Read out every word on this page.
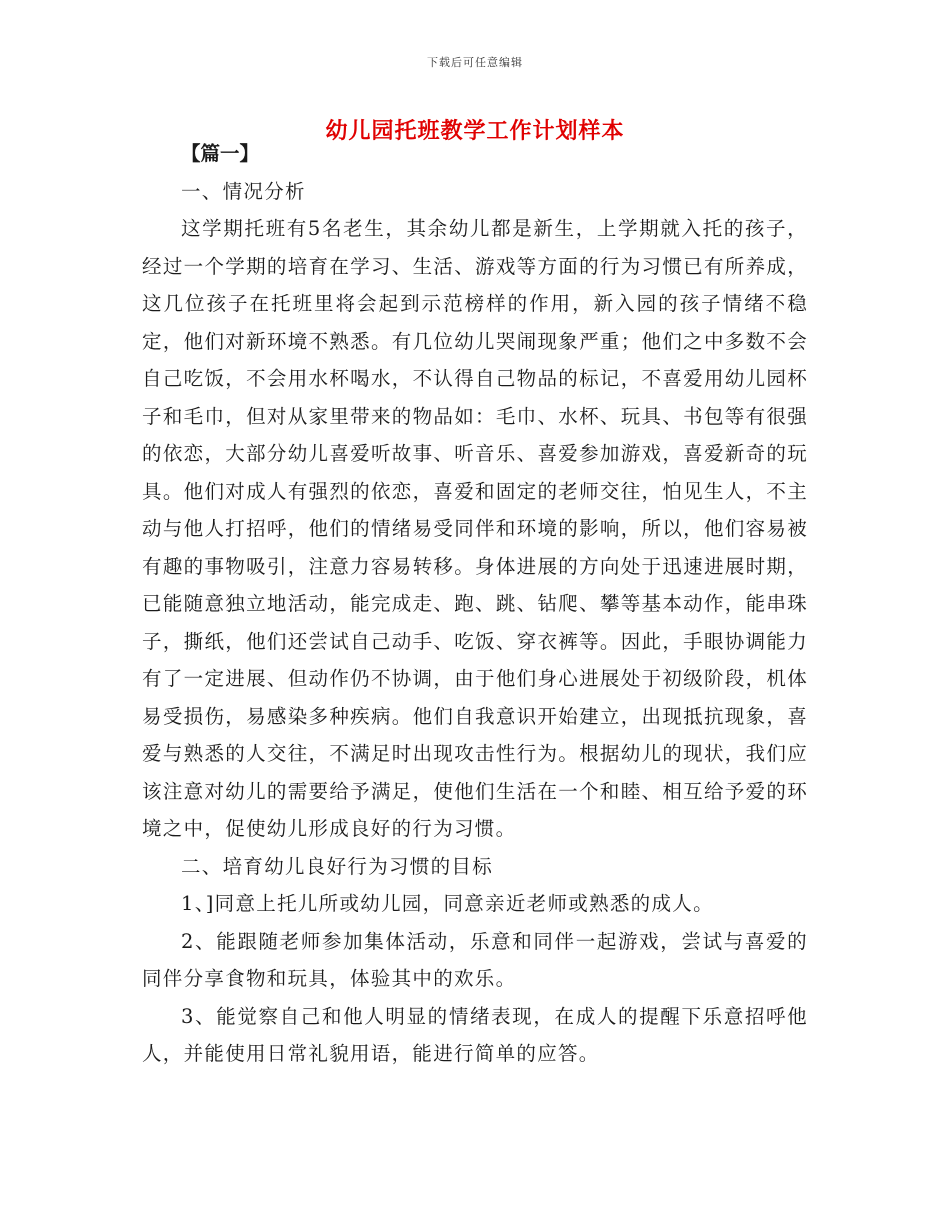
下载后可任意编辑
幼儿园托班教学工作计划样本

【篇一】

一、情况分析

这学期托班有5名老生，其余幼儿都是新生，上学期就入托的孩子，经过一个学期的培育在学习、生活、游戏等方面的行为习惯已有所养成，这几位孩子在托班里将会起到示范榜样的作用，新入园的孩子情绪不稳定，他们对新环境不熟悉。有几位幼儿哭闹现象严重；他们之中多数不会自己吃饭，不会用水杯喝水，不认得自己物品的标记，不喜爱用幼儿园杯子和毛巾，但对从家里带来的物品如：毛巾、水杯、玩具、书包等有很强的依恋，大部分幼儿喜爱听故事、听音乐、喜爱参加游戏，喜爱新奇的玩具。他们对成人有强烈的依恋，喜爱和固定的老师交往，怕见生人，不主动与他人打招呼，他们的情绪易受同伴和环境的影响，所以，他们容易被有趣的事物吸引，注意力容易转移。身体进展的方向处于迅速进展时期，已能随意独立地活动，能完成走、跑、跳、钻爬、攀等基本动作，能串珠子，撕纸，他们还尝试自己动手、吃饭、穿衣裤等。因此，手眼协调能力有了一定进展、但动作仍不协调，由于他们身心进展处于初级阶段，机体易受损伤，易感染多种疾病。他们自我意识开始建立，出现抵抗现象，喜爱与熟悉的人交往，不满足时出现攻击性行为。根据幼儿的现状，我们应该注意对幼儿的需要给予满足，使他们生活在一个和睦、相互给予爱的环境之中，促使幼儿形成良好的行为习惯。

二、培育幼儿良好行为习惯的目标

1、]同意上托儿所或幼儿园，同意亲近老师或熟悉的成人。

2、能跟随老师参加集体活动，乐意和同伴一起游戏，尝试与喜爱的同伴分享食物和玩具，体验其中的欢乐。

3、能觉察自己和他人明显的情绪表现，在成人的提醒下乐意招呼他人，并能使用日常礼貌用语，能进行简单的应答。
